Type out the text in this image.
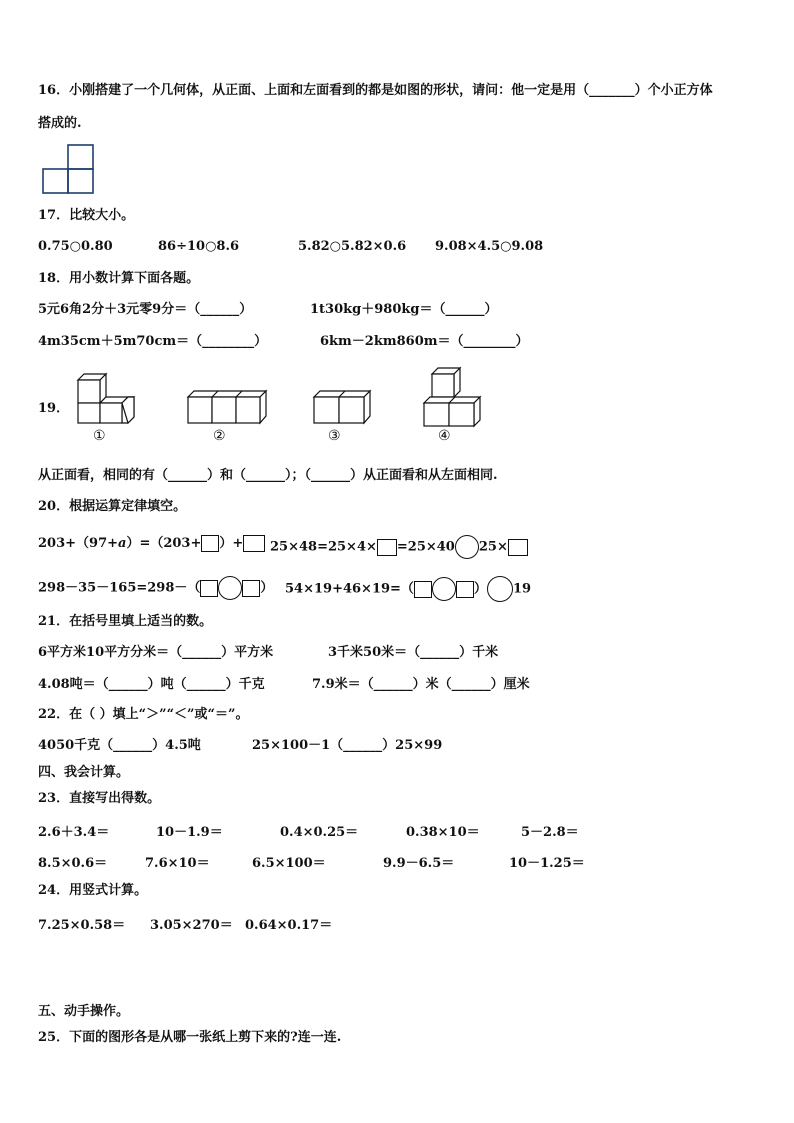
16．小刚搭建了一个几何体，从正面、上面和左面看到的都是如图的形状，请问：他一定是用（_______）个小正方体
搭成的.
17．比较大小。
0.75○0.80	86÷10○8.6	5.82○5.82×0.6 9.08×4.5○9.08
18．用小数计算下面各题。
5元6角2分＋3元零9分＝（______）	1t30kg＋980kg＝（______）
4m35cm＋5m70cm＝（________）	6km－2km860m＝（________）
19．
①	②	③	④
从正面看，相同的有（______）和（______）；（______）从正面看和从左面相同.
20．根据运算定律填空。
203+（97+a）=（203+ ）+	25×48=25×4× =25×40 25×
298－35－165=298－（	） 54×19+46×19=（	） 19
21．在括号里填上适当的数。
6平方米10平方分米＝（______）平方米	3千米50米＝（______）千米
4.08吨＝（______）吨（______）千克	7.9米＝（______）米（______）厘米
22．在（ ）填上“＞”“＜”或“＝”。
4050千克（______）4.5吨	25×100－1（______）25×99
四、我会计算。
23．直接写出得数。
2.6＋3.4＝	10－1.9＝	0.4×0.25＝	0.38×10＝	5－2.8＝
8.5×0.6＝	7.6×10＝	6.5×100＝	9.9－6.5＝	10－1.25＝
24．用竖式计算。
7.25×0.58＝ 3.05×270＝ 0.64×0.17＝
五、动手操作。
25．下面的图形各是从哪一张纸上剪下来的?连一连.
